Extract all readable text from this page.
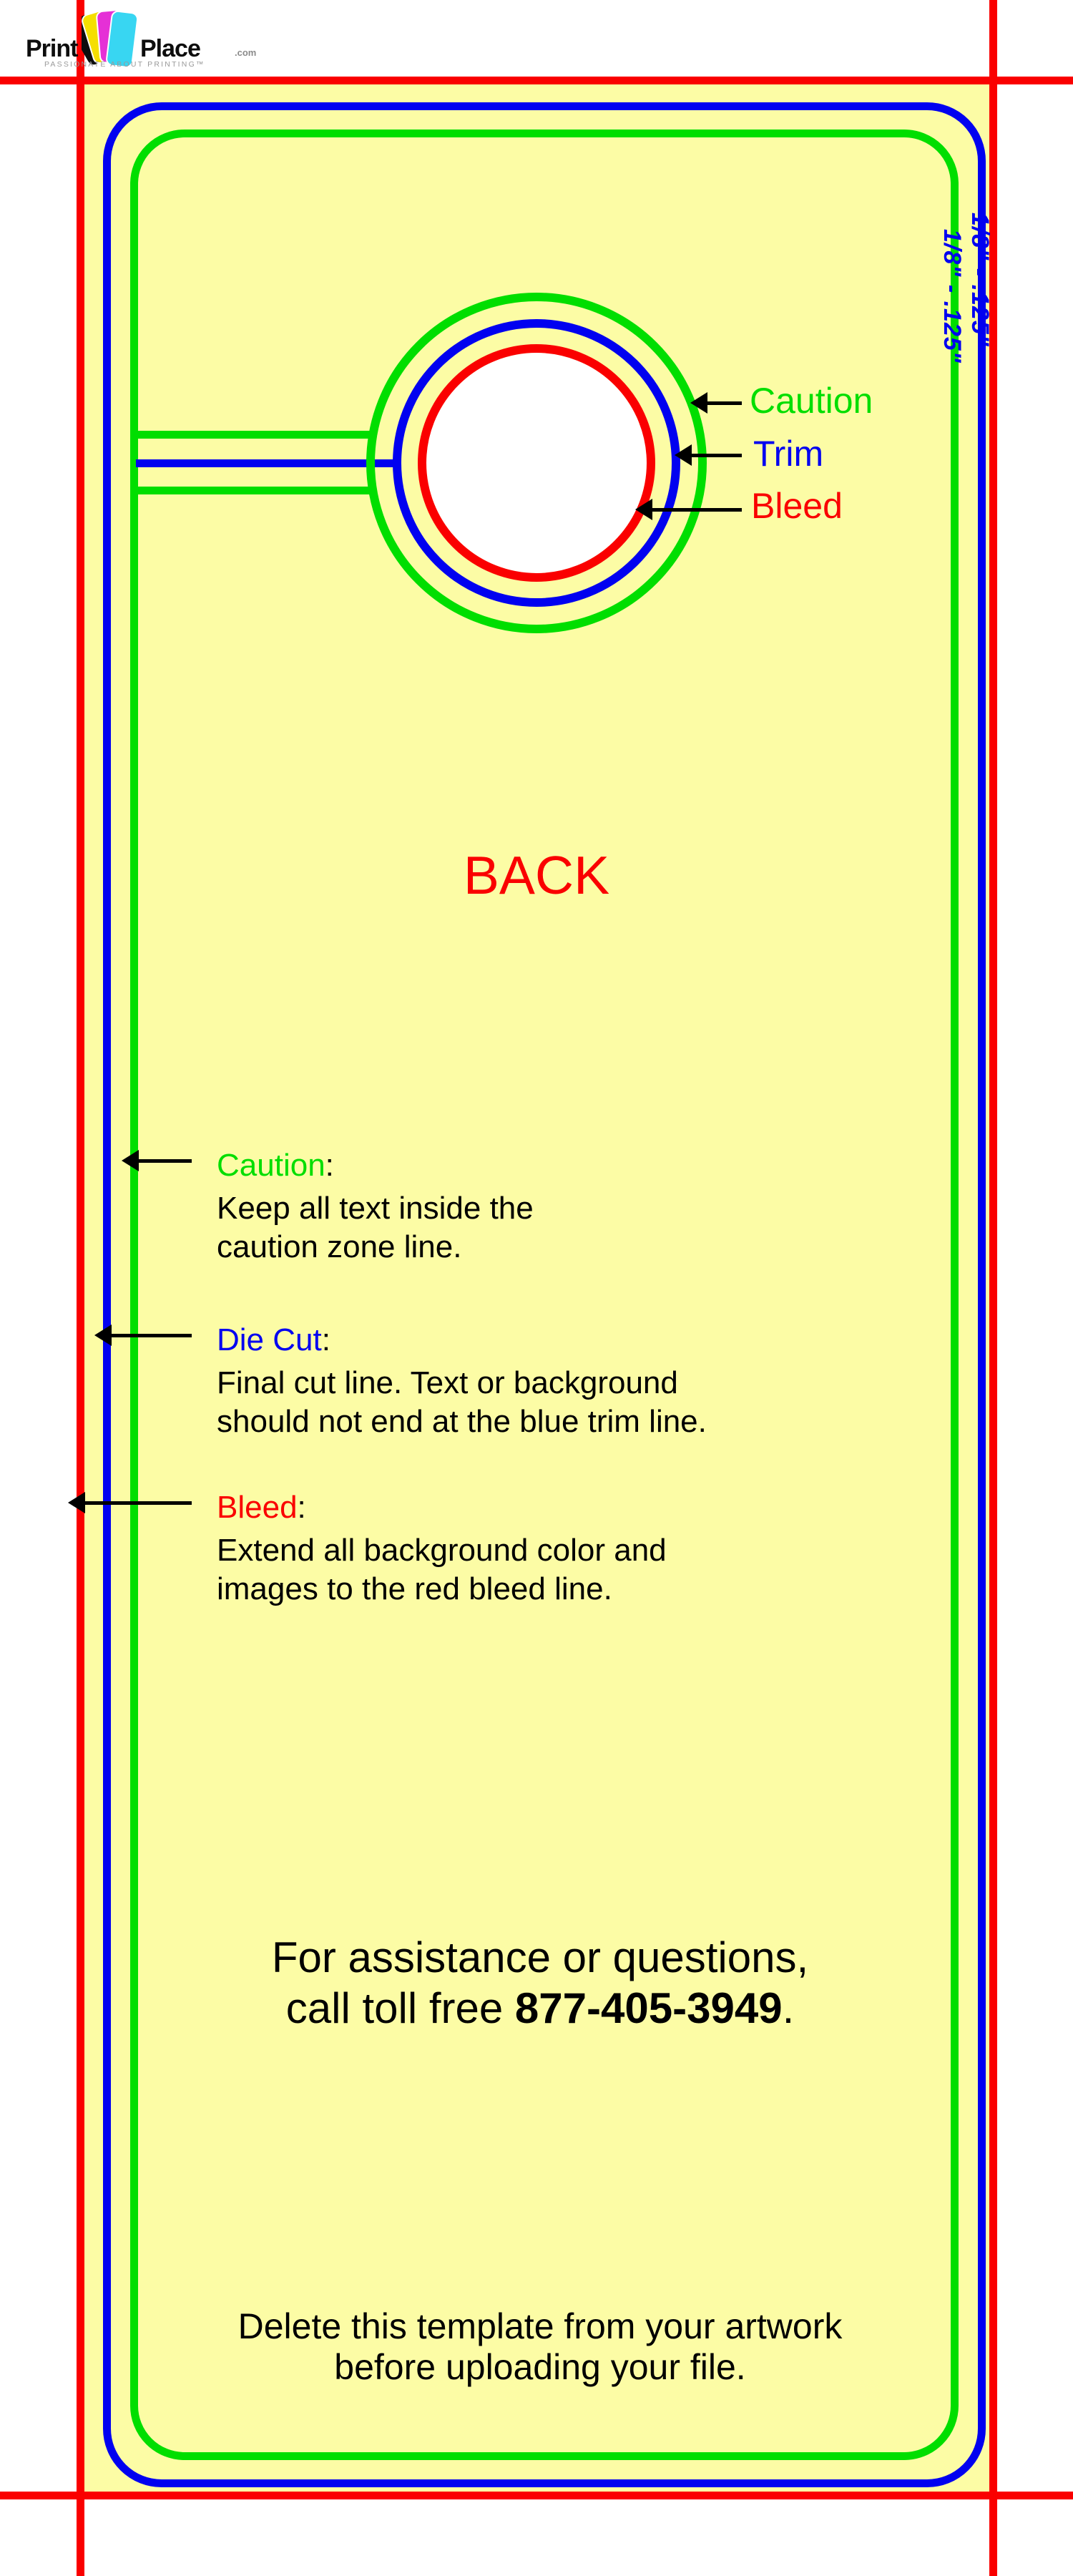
Caution
Trim
Bleed
1/8" - .125"
1/8" - .125"
BACK
Caution:
Keep all text inside the
caution zone line.
Die Cut:
Final cut line. Text or background
should not end at the blue trim line.
Bleed:
Extend all background color and
images to the red bleed line.
For assistance or questions,
call toll free 877-405-3949.
Delete this template from your artwork
before uploading your file.
Print	Place	.com
PASSIONATE ABOUT PRINTING™
